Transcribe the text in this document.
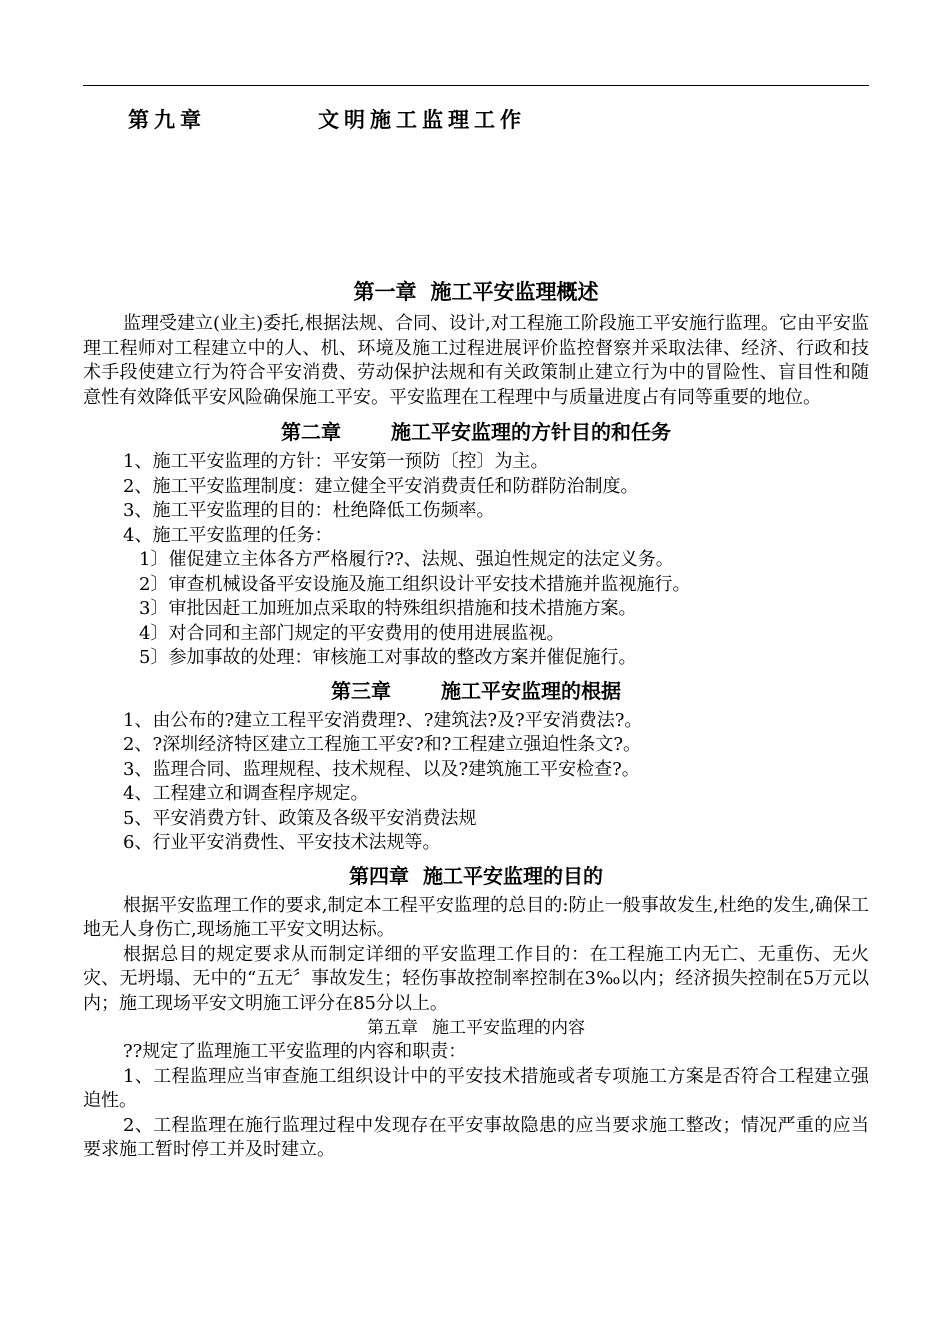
第九章	文明施工监理工作
第一章 施工平安监理概述

监理受建立(业主)委托,根据法规、合同、设计,对工程施工阶段施工平安施行监理。它由平安监理工程师对工程建立中的人、机、环境及施工过程进展评价监控督察并采取法律、经济、行政和技术手段使建立行为符合平安消费、劳动保护法规和有关政策制止建立行为中的冒险性、盲目性和随意性有效降低平安风险确保施工平安。平安监理在工程理中与质量进度占有同等重要的地位。

第二章	施工平安监理的方针目的和任务
1、施工平安监理的方针：平安第一预防〔控〕为主。
2、施工平安监理制度：建立健全平安消费责任和防群防治制度。
3、施工平安监理的目的：杜绝降低工伤频率。
4、施工平安监理的任务：
1〕催促建立主体各方严格履行??、法规、强迫性规定的法定义务。
2〕审查机械设备平安设施及施工组织设计平安技术措施并监视施行。
3〕审批因赶工加班加点采取的特殊组织措施和技术措施方案。
4〕对合同和主部门规定的平安费用的使用进展监视。
5〕参加事故的处理：审核施工对事故的整改方案并催促施行。
第三章	施工平安监理的根据
1、由公布的?建立工程平安消费理?、?建筑法?及?平安消费法?。
2、?深圳经济特区建立工程施工平安?和?工程建立强迫性条文?。
3、监理合同、监理规程、技术规程、以及?建筑施工平安检查?。
4、工程建立和调查程序规定。
5、平安消费方针、政策及各级平安消费法规
6、行业平安消费性、平安技术法规等。
第四章 施工平安监理的目的

根据平安监理工作的要求,制定本工程平安监理的总目的:防止一般事故发生,杜绝的发生,确保工地无人身伤亡,现场施工平安文明达标。

根据总目的规定要求从而制定详细的平安监理工作目的：在工程施工内无亡、无重伤、无火灾、无坍塌、无中的“五无〞事故发生；轻伤事故控制率控制在3‰以内；经济损失控制在5万元以内；施工现场平安文明施工评分在85分以上。

第五章 施工平安监理的内容

??规定了监理施工平安监理的内容和职责：

1、工程监理应当审查施工组织设计中的平安技术措施或者专项施工方案是否符合工程建立强迫性。

2、工程监理在施行监理过程中发现存在平安事故隐患的应当要求施工整改；情况严重的应当要求施工暂时停工并及时建立。
